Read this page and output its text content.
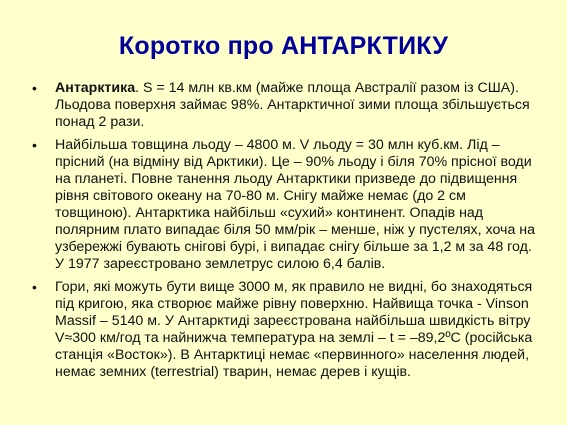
Коротко про АНТАРКТИКУ
• Антарктика. S = 14 млн кв.км (майже площа Австралії разом із США). Льодова поверхня займає 98%. Антарктичної зими площа збільшується понад 2 рази.
• Найбільша товщина льоду – 4800 м. V льоду = 30 млн куб.км. Лід – прісний (на відміну від Арктики). Це – 90% льоду і біля 70% прісної води на планеті. Повне танення льоду Антарктики призведе до підвищення рівня світового океану на 70-80 м. Снігу майже немає (до 2 см товщиною). Антарктика найбільш «сухий» континент. Опадів над полярним плато випадає біля 50 мм/рік – менше, ніж у пустелях, хоча на узбережжі бувають снігові бурі, і випадає снігу більше за 1,2 м за 48 год. У 1977 зареєстровано землетрус силою 6,4 балів.
• Гори, які можуть бути вище 3000 м, як правило не видні, бо знаходяться під кригою, яка створює майже рівну поверхню. Найвища точка - Vinson Massif – 5140 м. У Антарктиді зареєстрована найбільша швидкість вітру V≈300 км/год та найнижча температура на землі – t = –89,2ºС (російська станція «Восток»). В Антарктиці немає «первинного» населення людей, немає земних (terrestrial) тварин, немає дерев і кущів.
